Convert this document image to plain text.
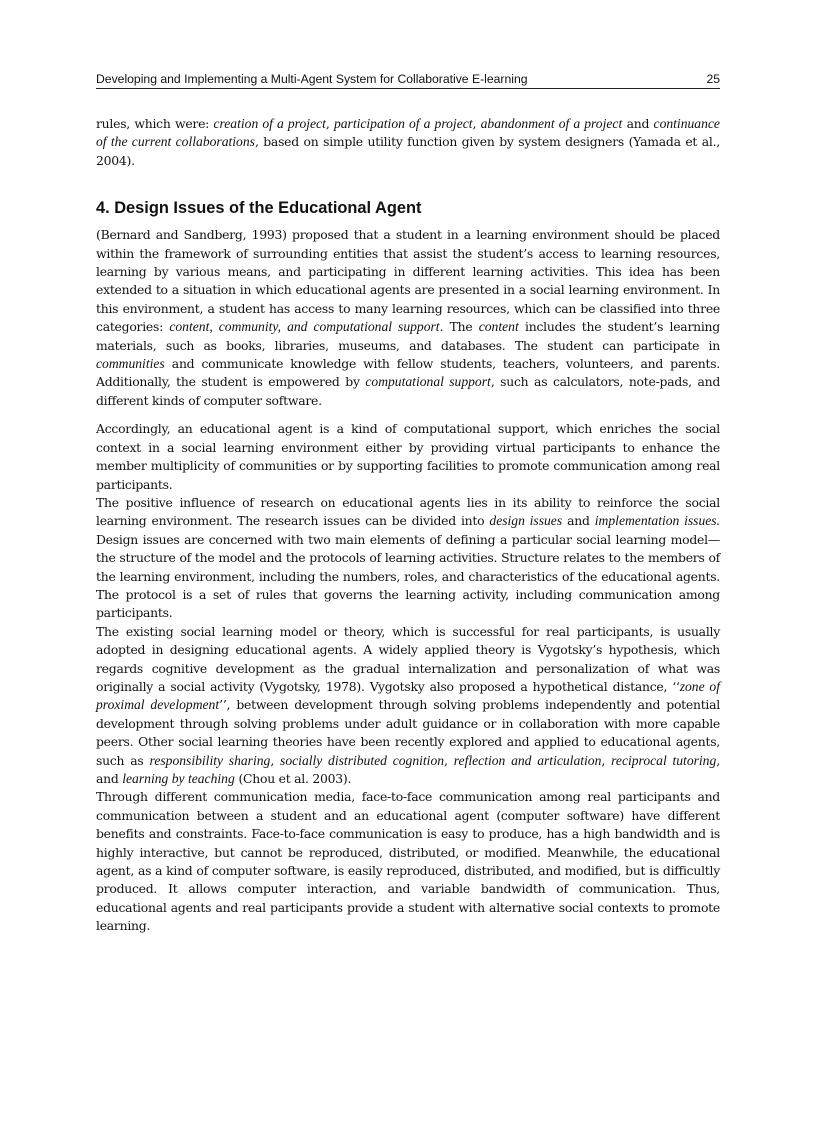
Developing and Implementing a Multi-Agent System for Collaborative E-learning	25

rules, which were: creation of a project, participation of a project, abandonment of a project and continuance of the current collaborations, based on simple utility function given by system designers (Yamada et al., 2004).

4. Design Issues of the Educational Agent

(Bernard and Sandberg, 1993) proposed that a student in a learning environment should be placed within the framework of surrounding entities that assist the student’s access to learning resources, learning by various means, and participating in different learning activities. This idea has been extended to a situation in which educational agents are presented in a social learning environment. In this environment, a student has access to many learning resources, which can be classified into three categories: content, community, and computational support. The content includes the student’s learning materials, such as books, libraries, museums, and databases. The student can participate in communities and communicate knowledge with fellow students, teachers, volunteers, and parents. Additionally, the student is empowered by computational support, such as calculators, note-pads, and different kinds of computer software.

Accordingly, an educational agent is a kind of computational support, which enriches the social context in a social learning environment either by providing virtual participants to enhance the member multiplicity of communities or by supporting facilities to promote communication among real participants.

The positive influence of research on educational agents lies in its ability to reinforce the social learning environment. The research issues can be divided into design issues and implementation issues. Design issues are concerned with two main elements of defining a particular social learning model— the structure of the model and the protocols of learning activities. Structure relates to the members of the learning environment, including the numbers, roles, and characteristics of the educational agents. The protocol is a set of rules that governs the learning activity, including communication among participants.

The existing social learning model or theory, which is successful for real participants, is usually adopted in designing educational agents. A widely applied theory is Vygotsky’s hypothesis, which regards cognitive development as the gradual internalization and personalization of what was originally a social activity (Vygotsky, 1978). Vygotsky also proposed a hypothetical distance, ‘‘zone of proximal development’’, between development through solving problems independently and potential development through solving problems under adult guidance or in collaboration with more capable peers. Other social learning theories have been recently explored and applied to educational agents, such as responsibility sharing, socially distributed cognition, reflection and articulation, reciprocal tutoring, and learning by teaching (Chou et al. 2003).

Through different communication media, face-to-face communication among real participants and communication between a student and an educational agent (computer software) have different benefits and constraints. Face-to-face communication is easy to produce, has a high bandwidth and is highly interactive, but cannot be reproduced, distributed, or modified. Meanwhile, the educational agent, as a kind of computer software, is easily reproduced, distributed, and modified, but is difficultly produced. It allows computer interaction, and variable bandwidth of communication. Thus, educational agents and real participants provide a student with alternative social contexts to promote learning.
